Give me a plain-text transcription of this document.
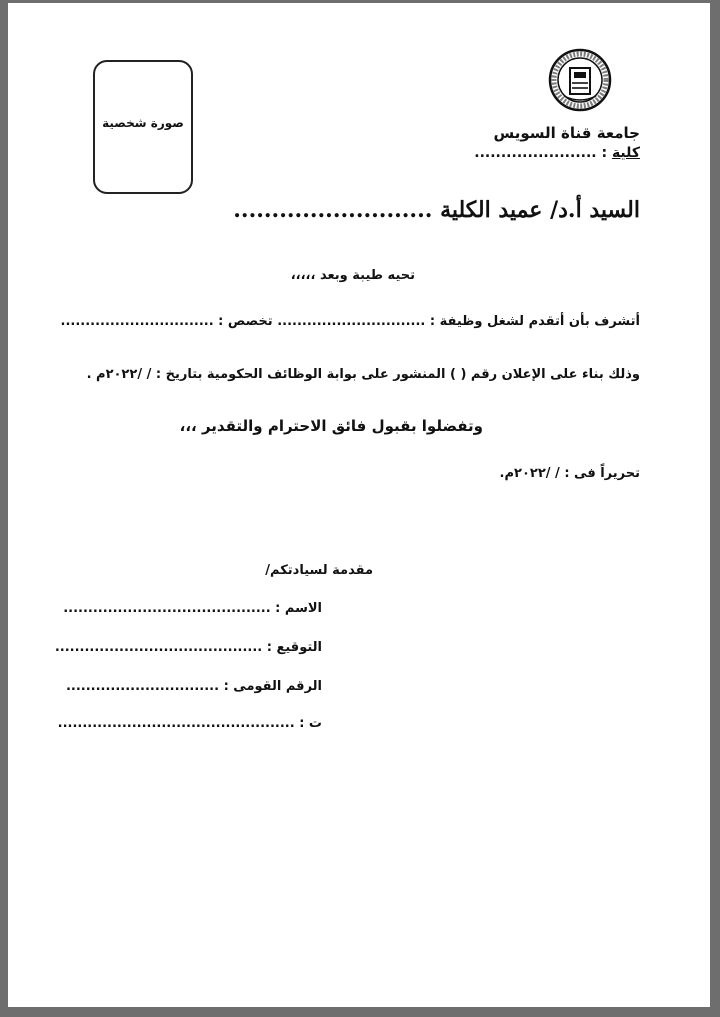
صورة شخصية
جامعة قناة السويس
كلية : .......................
السيد أ.د/ عميد الكلية ..........................
تحيه طيبة وبعد ،،،،،
أتشرف بأن أتقدم لشغل وظيفة : .............................. تخصص : ...............................
وذلك بناء على الإعلان رقم ( ) المنشور على بوابة الوظائف الحكومية بتاريخ : / /٢٠٢٢م .
وتفضلوا بقبول فائق الاحترام والتقدير ،،،
تحريراً فى : / /٢٠٢٢م.
مقدمة لسيادتكم/
الاسم : ..........................................
التوقيع : ..........................................
الرقم القومى : ...............................
ت : ................................................
